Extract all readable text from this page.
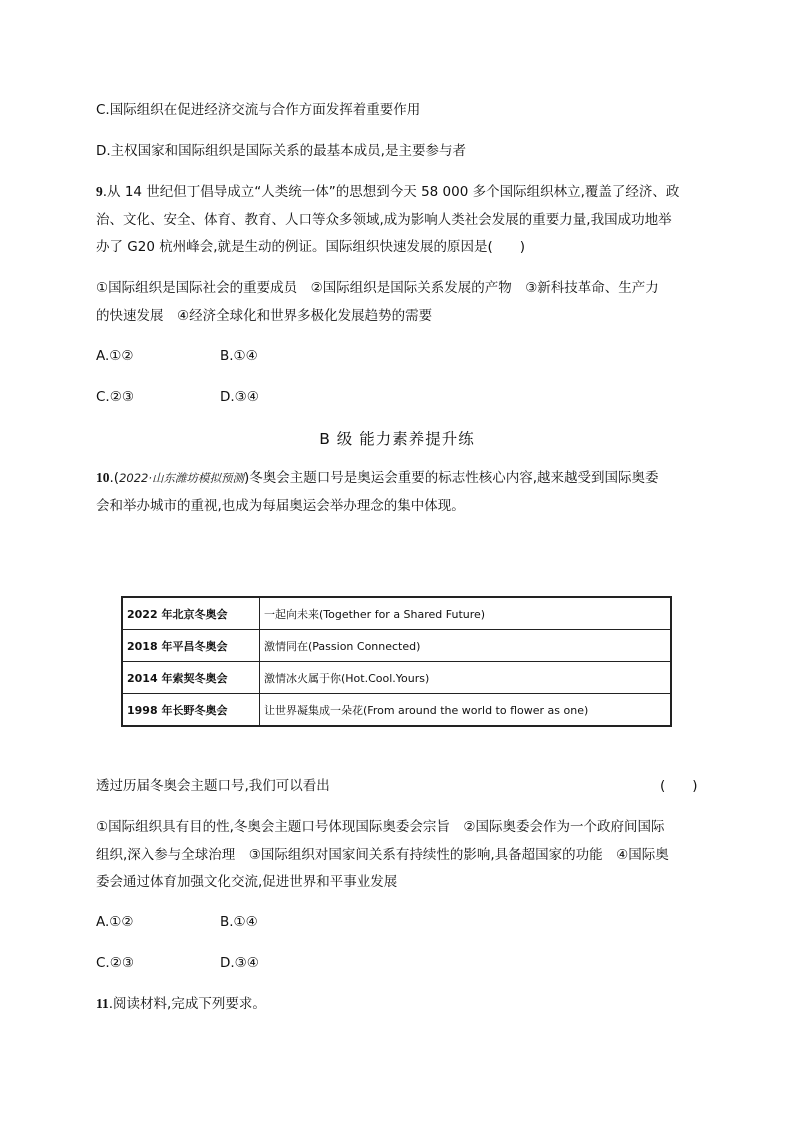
C.国际组织在促进经济交流与合作方面发挥着重要作用
D.主权国家和国际组织是国际关系的最基本成员,是主要参与者
9.从 14 世纪但丁倡导成立“人类统一体”的思想到今天 58 000 多个国际组织林立,覆盖了经济、政
治、文化、安全、体育、教育、人口等众多领域,成为影响人类社会发展的重要力量,我国成功地举
办了 G20 杭州峰会,就是生动的例证。国际组织快速发展的原因是(　　)
①国际组织是国际社会的重要成员　②国际组织是国际关系发展的产物　③新科技革命、生产力
的快速发展　④经济全球化和世界多极化发展趋势的需要
A.①②	B.①④
C.②③	D.③④
B 级 能力素养提升练
10.(2022·山东潍坊模拟预测)冬奥会主题口号是奥运会重要的标志性核心内容,越来越受到国际奥委
会和举办城市的重视,也成为每届奥运会举办理念的集中体现。
2022 年北京冬奥会	一起向未来(Together for a Shared Future)
2018 年平昌冬奥会	激情同在(Passion Connected)
2014 年索契冬奥会	激情冰火属于你(Hot.Cool.Yours)
1998 年长野冬奥会	让世界凝集成一朵花(From around the world to flower as one)
透过历届冬奥会主题口号,我们可以看出	(　　)
①国际组织具有目的性,冬奥会主题口号体现国际奥委会宗旨　②国际奥委会作为一个政府间国际
组织,深入参与全球治理　③国际组织对国家间关系有持续性的影响,具备超国家的功能　④国际奥
委会通过体育加强文化交流,促进世界和平事业发展
A.①②	B.①④
C.②③	D.③④
11.阅读材料,完成下列要求。
